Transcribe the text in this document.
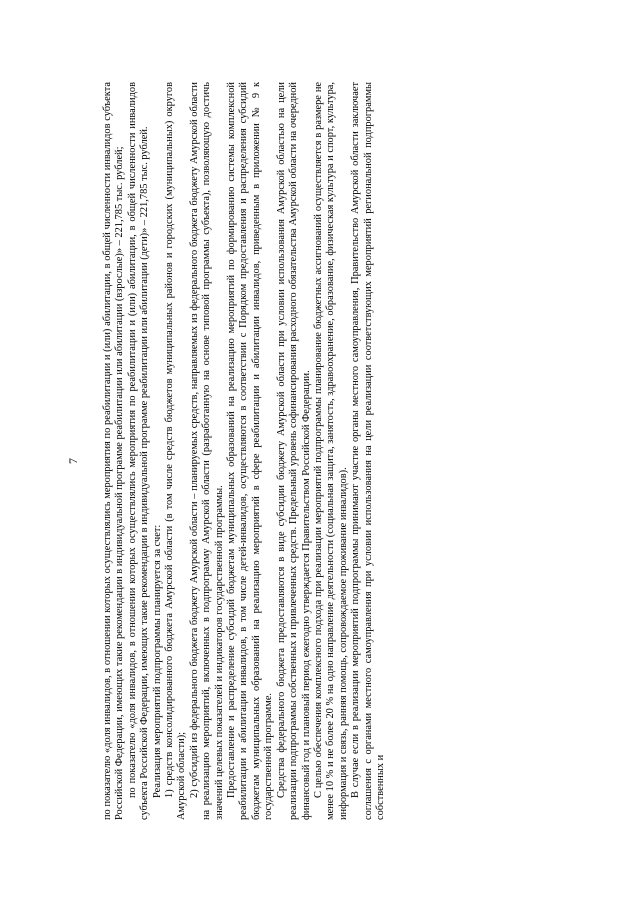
7 по показателю «доля инвалидов, в отношении которых осуществлялись мероприятия по реабилитации и (или) абилитации, в общей численности инвалидов субъекта Российской Федерации, имеющих такие рекомендации в индивидуальной программе реабилитации или абилитации (взрослые)» – 221,785 тыс. рублей; по показателю «доля инвалидов, в отношении которых осуществлялись мероприятия по реабилитации и (или) абилитации, в общей численности инвалидов субъекта Российской Федерации, имеющих такие рекомендации в индивидуальной программе реабилитации или абилитации (дети)» – 221,785 тыс. рублей. Реализация мероприятий подпрограммы планируется за счет: 1) средств консолидированного бюджета Амурской области (в том числе средств бюджетов муниципальных районов и городских (муниципальных) округов Амурской области); 2) субсидий из федерального бюджета бюджету Амурской области – планируемых средств, направляемых из федерального бюджета бюджету Амурской области на реализацию мероприятий, включенных в подпрограмму Амурской области (разработанную на основе типовой программы субъекта), позволяющую достичь значений целевых показателей и индикаторов государственной программы. Предоставление и распределение субсидий бюджетам муниципальных образований на реализацию мероприятий по формированию системы комплексной реабилитации и абилитации инвалидов, в том числе детей-инвалидов, осуществляются в соответствии с Порядком предоставления и распределения субсидий бюджетам муниципальных образований на реализацию мероприятий в сфере реабилитации и абилитации инвалидов, приведенным в приложении № 9 к государственной программе. Средства федерального бюджета предоставляются в виде субсидии бюджету Амурской области при условии использования Амурской областью на цели реализации подпрограммы собственных и привлеченных средств. Предельный уровень софинансирования расходного обязательства Амурской области на очередной финансовый год и плановый период ежегодно утверждается Правительством Российской Федерации. С целью обеспечения комплексного подхода при реализации мероприятий подпрограммы планирование бюджетных ассигнований осуществляется в размере не менее 10 % и не более 20 % на одно направление деятельности (социальная защита, занятость, здравоохранение, образование, физическая культура и спорт, культура, информация и связь, ранняя помощь, сопровождаемое проживание инвалидов). В случае если в реализации мероприятий подпрограммы принимают участие органы местного самоуправления, Правительство Амурской области заключает соглашения с органами местного самоуправления при условии использования на цели реализации соответствующих мероприятий региональной подпрограммы собственных и
